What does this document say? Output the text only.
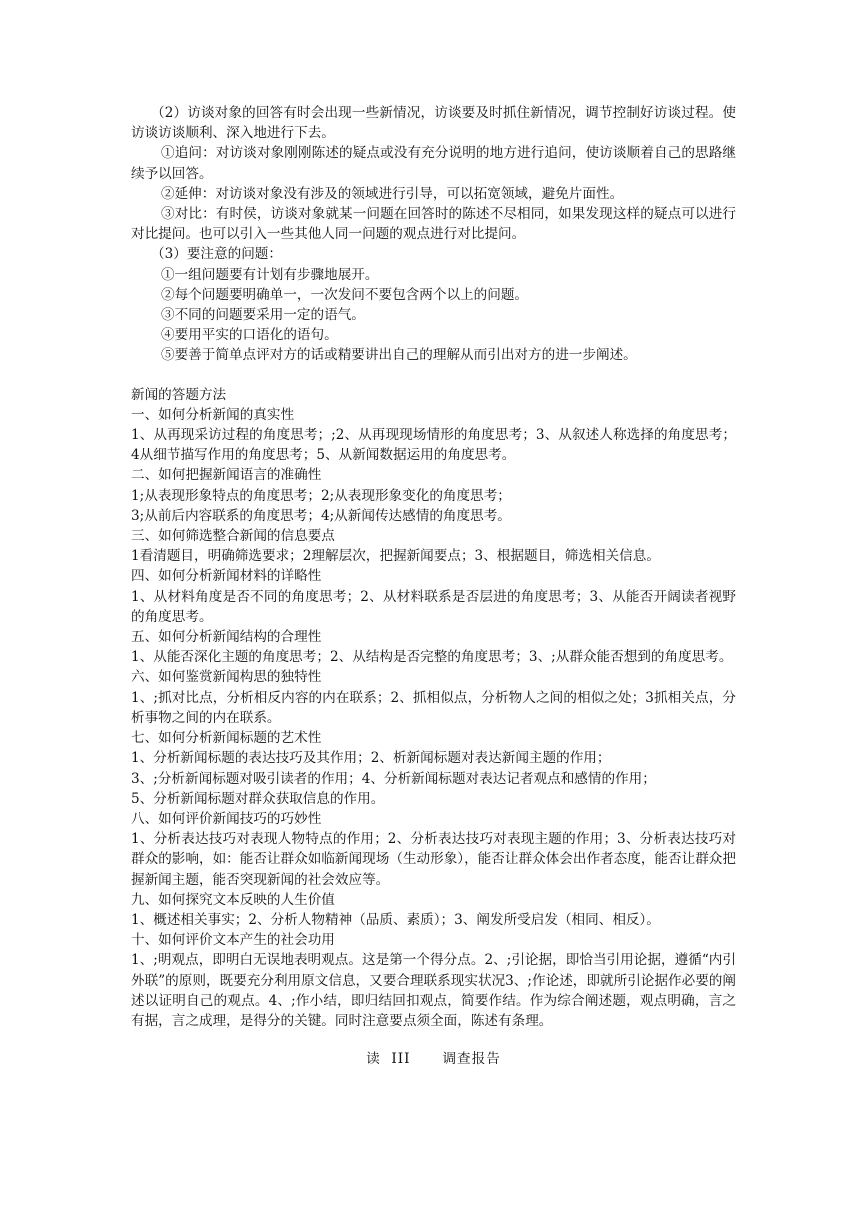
（2）访谈对象的回答有时会出现一些新情况，访谈要及时抓住新情况，调节控制好访谈过程。使访谈访谈顺利、深入地进行下去。

①追问：对访谈对象刚刚陈述的疑点或没有充分说明的地方进行追问，使访谈顺着自己的思路继续予以回答。

②延伸：对访谈对象没有涉及的领域进行引导，可以拓宽领域，避免片面性。

③对比：有时侯，访谈对象就某一问题在回答时的陈述不尽相同，如果发现这样的疑点可以进行对比提问。也可以引入一些其他人同一问题的观点进行对比提问。

（3）要注意的问题：

①一组问题要有计划有步骤地展开。

②每个问题要明确单一，一次发问不要包含两个以上的问题。

③不同的问题要采用一定的语气。

④要用平实的口语化的语句。

⑤要善于简单点评对方的话或精要讲出自己的理解从而引出对方的进一步阐述。

新闻的答题方法

一、如何分析新闻的真实性

1、从再现采访过程的角度思考；;2、从再现现场情形的角度思考；3、从叙述人称选择的角度思考；4从细节描写作用的角度思考；5、从新闻数据运用的角度思考。

二、如何把握新闻语言的准确性

1;从表现形象特点的角度思考；2;从表现形象变化的角度思考；

3;从前后内容联系的角度思考；4;从新闻传达感情的角度思考。

三、如何筛选整合新闻的信息要点

1看清题目，明确筛选要求；2理解层次，把握新闻要点；3、根据题目，筛选相关信息。

四、如何分析新闻材料的详略性

1、从材料角度是否不同的角度思考；2、从材料联系是否层进的角度思考；3、从能否开阔读者视野的角度思考。

五、如何分析新闻结构的合理性

1、从能否深化主题的角度思考；2、从结构是否完整的角度思考；3、;从群众能否想到的角度思考。

六、如何鉴赏新闻构思的独特性

1、;抓对比点，分析相反内容的内在联系；2、抓相似点，分析物人之间的相似之处；3抓相关点，分析事物之间的内在联系。

七、如何分析新闻标题的艺术性

1、分析新闻标题的表达技巧及其作用；2、析新闻标题对表达新闻主题的作用；

3、;分析新闻标题对吸引读者的作用；4、分析新闻标题对表达记者观点和感情的作用；

5、分析新闻标题对群众获取信息的作用。

八、如何评价新闻技巧的巧妙性

1、分析表达技巧对表现人物特点的作用；2、分析表达技巧对表现主题的作用；3、分析表达技巧对群众的影响，如：能否让群众如临新闻现场（生动形象），能否让群众体会出作者态度，能否让群众把握新闻主题，能否突现新闻的社会效应等。

九、如何探究文本反映的人生价值

1、概述相关事实；2、分析人物精神（品质、素质）；3、阐发所受启发（相同、相反）。

十、如何评价文本产生的社会功用

1、;明观点，即明白无误地表明观点。这是第一个得分点。2、;引论据，即恰当引用论据，遵循“内引外联”的原则，既要充分利用原文信息，又要合理联系现实状况3、;作论述，即就所引论据作必要的阐述以证明自己的观点。4、;作小结，即归结回扣观点，简要作结。作为综合阐述题，观点明确，言之有据，言之成理，是得分的关键。同时注意要点须全面，陈述有条理。

读  III      调查报告
